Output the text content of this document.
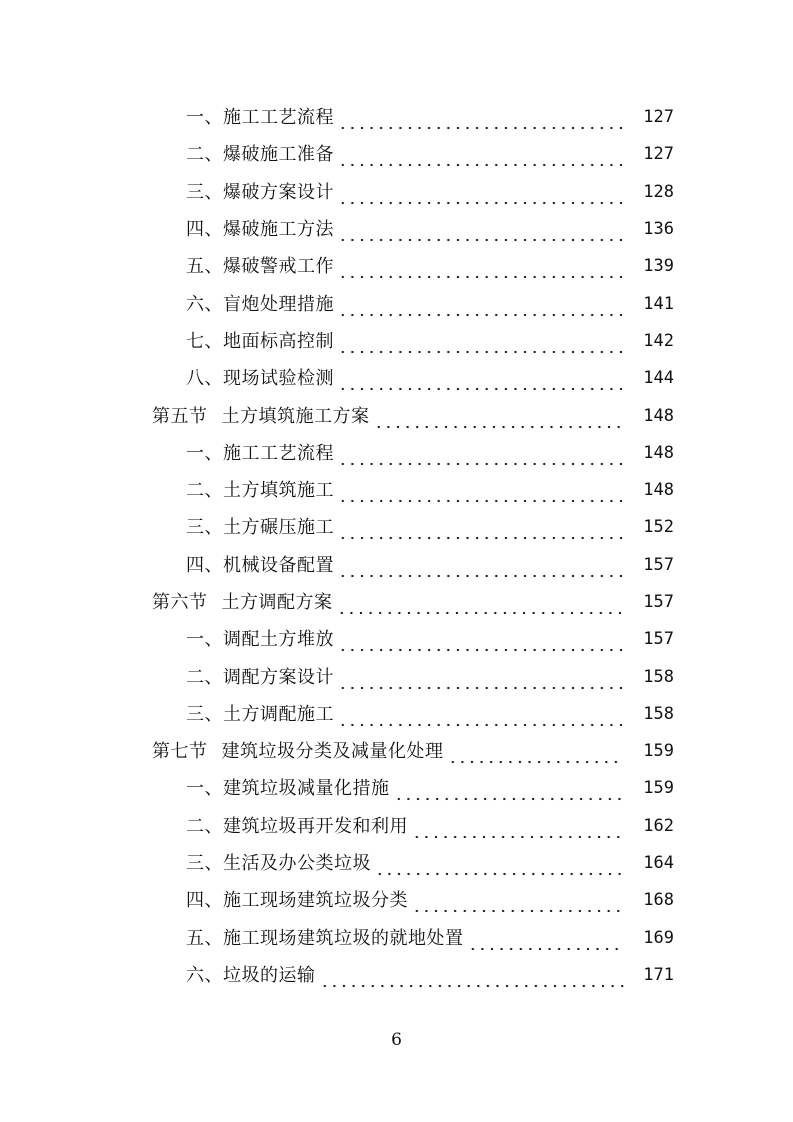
一、 施工工艺流程	127
二、 爆破施工准备	127
三、 爆破方案设计	128
四、 爆破施工方法	136
五、 爆破警戒工作	139
六、 盲炮处理措施	141
七、 地面标高控制	142
八、 现场试验检测	144
第五节 土方填筑施工方案	148
一、 施工工艺流程	148
二、 土方填筑施工	148
三、 土方碾压施工	152
四、 机械设备配置	157
第六节 土方调配方案	157
一、 调配土方堆放	157
二、 调配方案设计	158
三、 土方调配施工	158
第七节 建筑垃圾分类及减量化处理	159
一、 建筑垃圾减量化措施	159
二、 建筑垃圾再开发和利用	162
三、 生活及办公类垃圾	164
四、 施工现场建筑垃圾分类	168
五、 施工现场建筑垃圾的就地处置	169
六、 垃圾的运输	171
6
